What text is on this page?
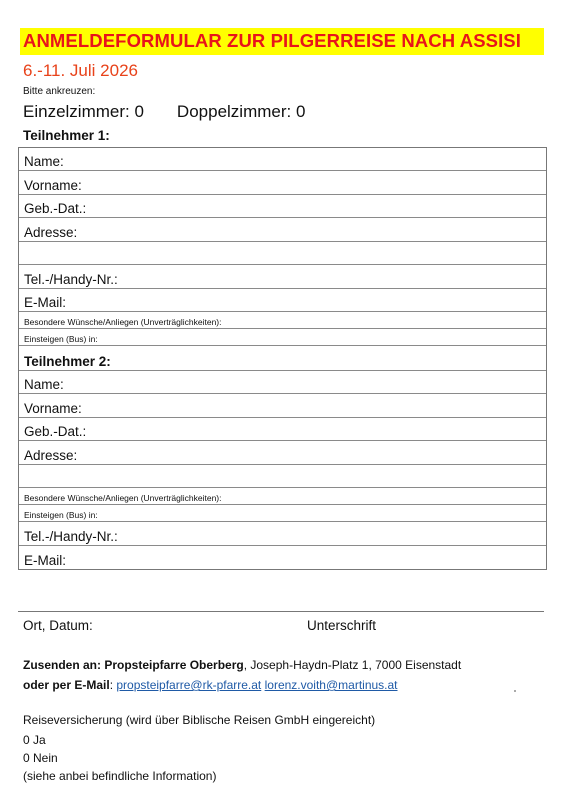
ANMELDEFORMULAR ZUR PILGERREISE NACH ASSISI
6.-11. Juli 2026
Bitte ankreuzen:
Einzelzimmer: 0 Doppelzimmer: 0
Teilnehmer 1:
Name:
Vorname:
Geb.-Dat.:
Adresse:
Tel.-/Handy-Nr.:
E-Mail:
Besondere Wünsche/Anliegen (Unverträglichkeiten):
Einsteigen (Bus) in:
Teilnehmer 2:
Name:
Vorname:
Geb.-Dat.:
Adresse:
Besondere Wünsche/Anliegen (Unverträglichkeiten):
Einsteigen (Bus) in:
Tel.-/Handy-Nr.:
E-Mail:
Ort, Datum:	Unterschrift
Zusenden an: Propsteipfarre Oberberg, Joseph-Haydn-Platz 1, 7000 Eisenstadt
oder per E-Mail: propsteipfarre@rk-pfarre.at lorenz.voith@martinus.at
Reiseversicherung (wird über Biblische Reisen GmbH eingereicht)
0 Ja
0 Nein
(siehe anbei befindliche Information)
